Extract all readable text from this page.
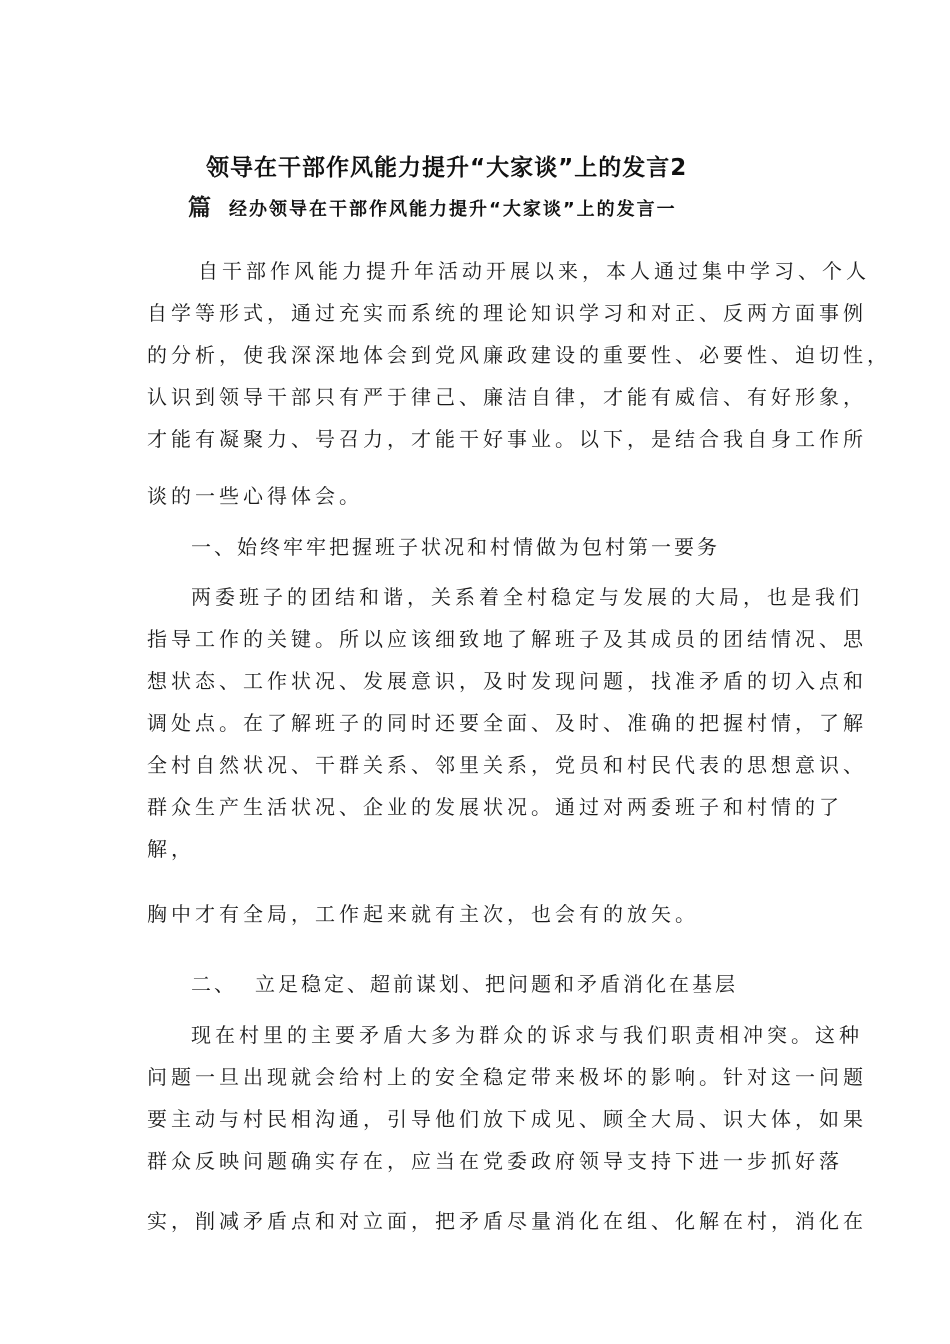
领导在干部作风能力提升“大家谈”上的发言2
篇 经办领导在干部作风能力提升“大家谈”上的发言一
自干部作风能力提升年活动开展以来，本人通过集中学习、个人
自学等形式，通过充实而系统的理论知识学习和对正、反两方面事例
的分析，使我深深地体会到党风廉政建设的重要性、必要性、迫切性，
认识到领导干部只有严于律己、廉洁自律，才能有威信、有好形象，
才能有凝聚力、号召力，才能干好事业。以下，是结合我自身工作所
谈的一些心得体会。
一、始终牢牢把握班子状况和村情做为包村第一要务
两委班子的团结和谐，关系着全村稳定与发展的大局，也是我们
指导工作的关键。所以应该细致地了解班子及其成员的团结情况、思
想状态、工作状况、发展意识，及时发现问题，找准矛盾的切入点和
调处点。在了解班子的同时还要全面、及时、准确的把握村情，了解
全村自然状况、干群关系、邻里关系，党员和村民代表的思想意识、
群众生产生活状况、企业的发展状况。通过对两委班子和村情的了
解，
胸中才有全局，工作起来就有主次，也会有的放矢。
二、 立足稳定、超前谋划、把问题和矛盾消化在基层
现在村里的主要矛盾大多为群众的诉求与我们职责相冲突。这种
问题一旦出现就会给村上的安全稳定带来极坏的影响。针对这一问题
要主动与村民相沟通，引导他们放下成见、顾全大局、识大体，如果
群众反映问题确实存在，应当在党委政府领导支持下进一步抓好落
实，削减矛盾点和对立面，把矛盾尽量消化在组、化解在村，消化在
